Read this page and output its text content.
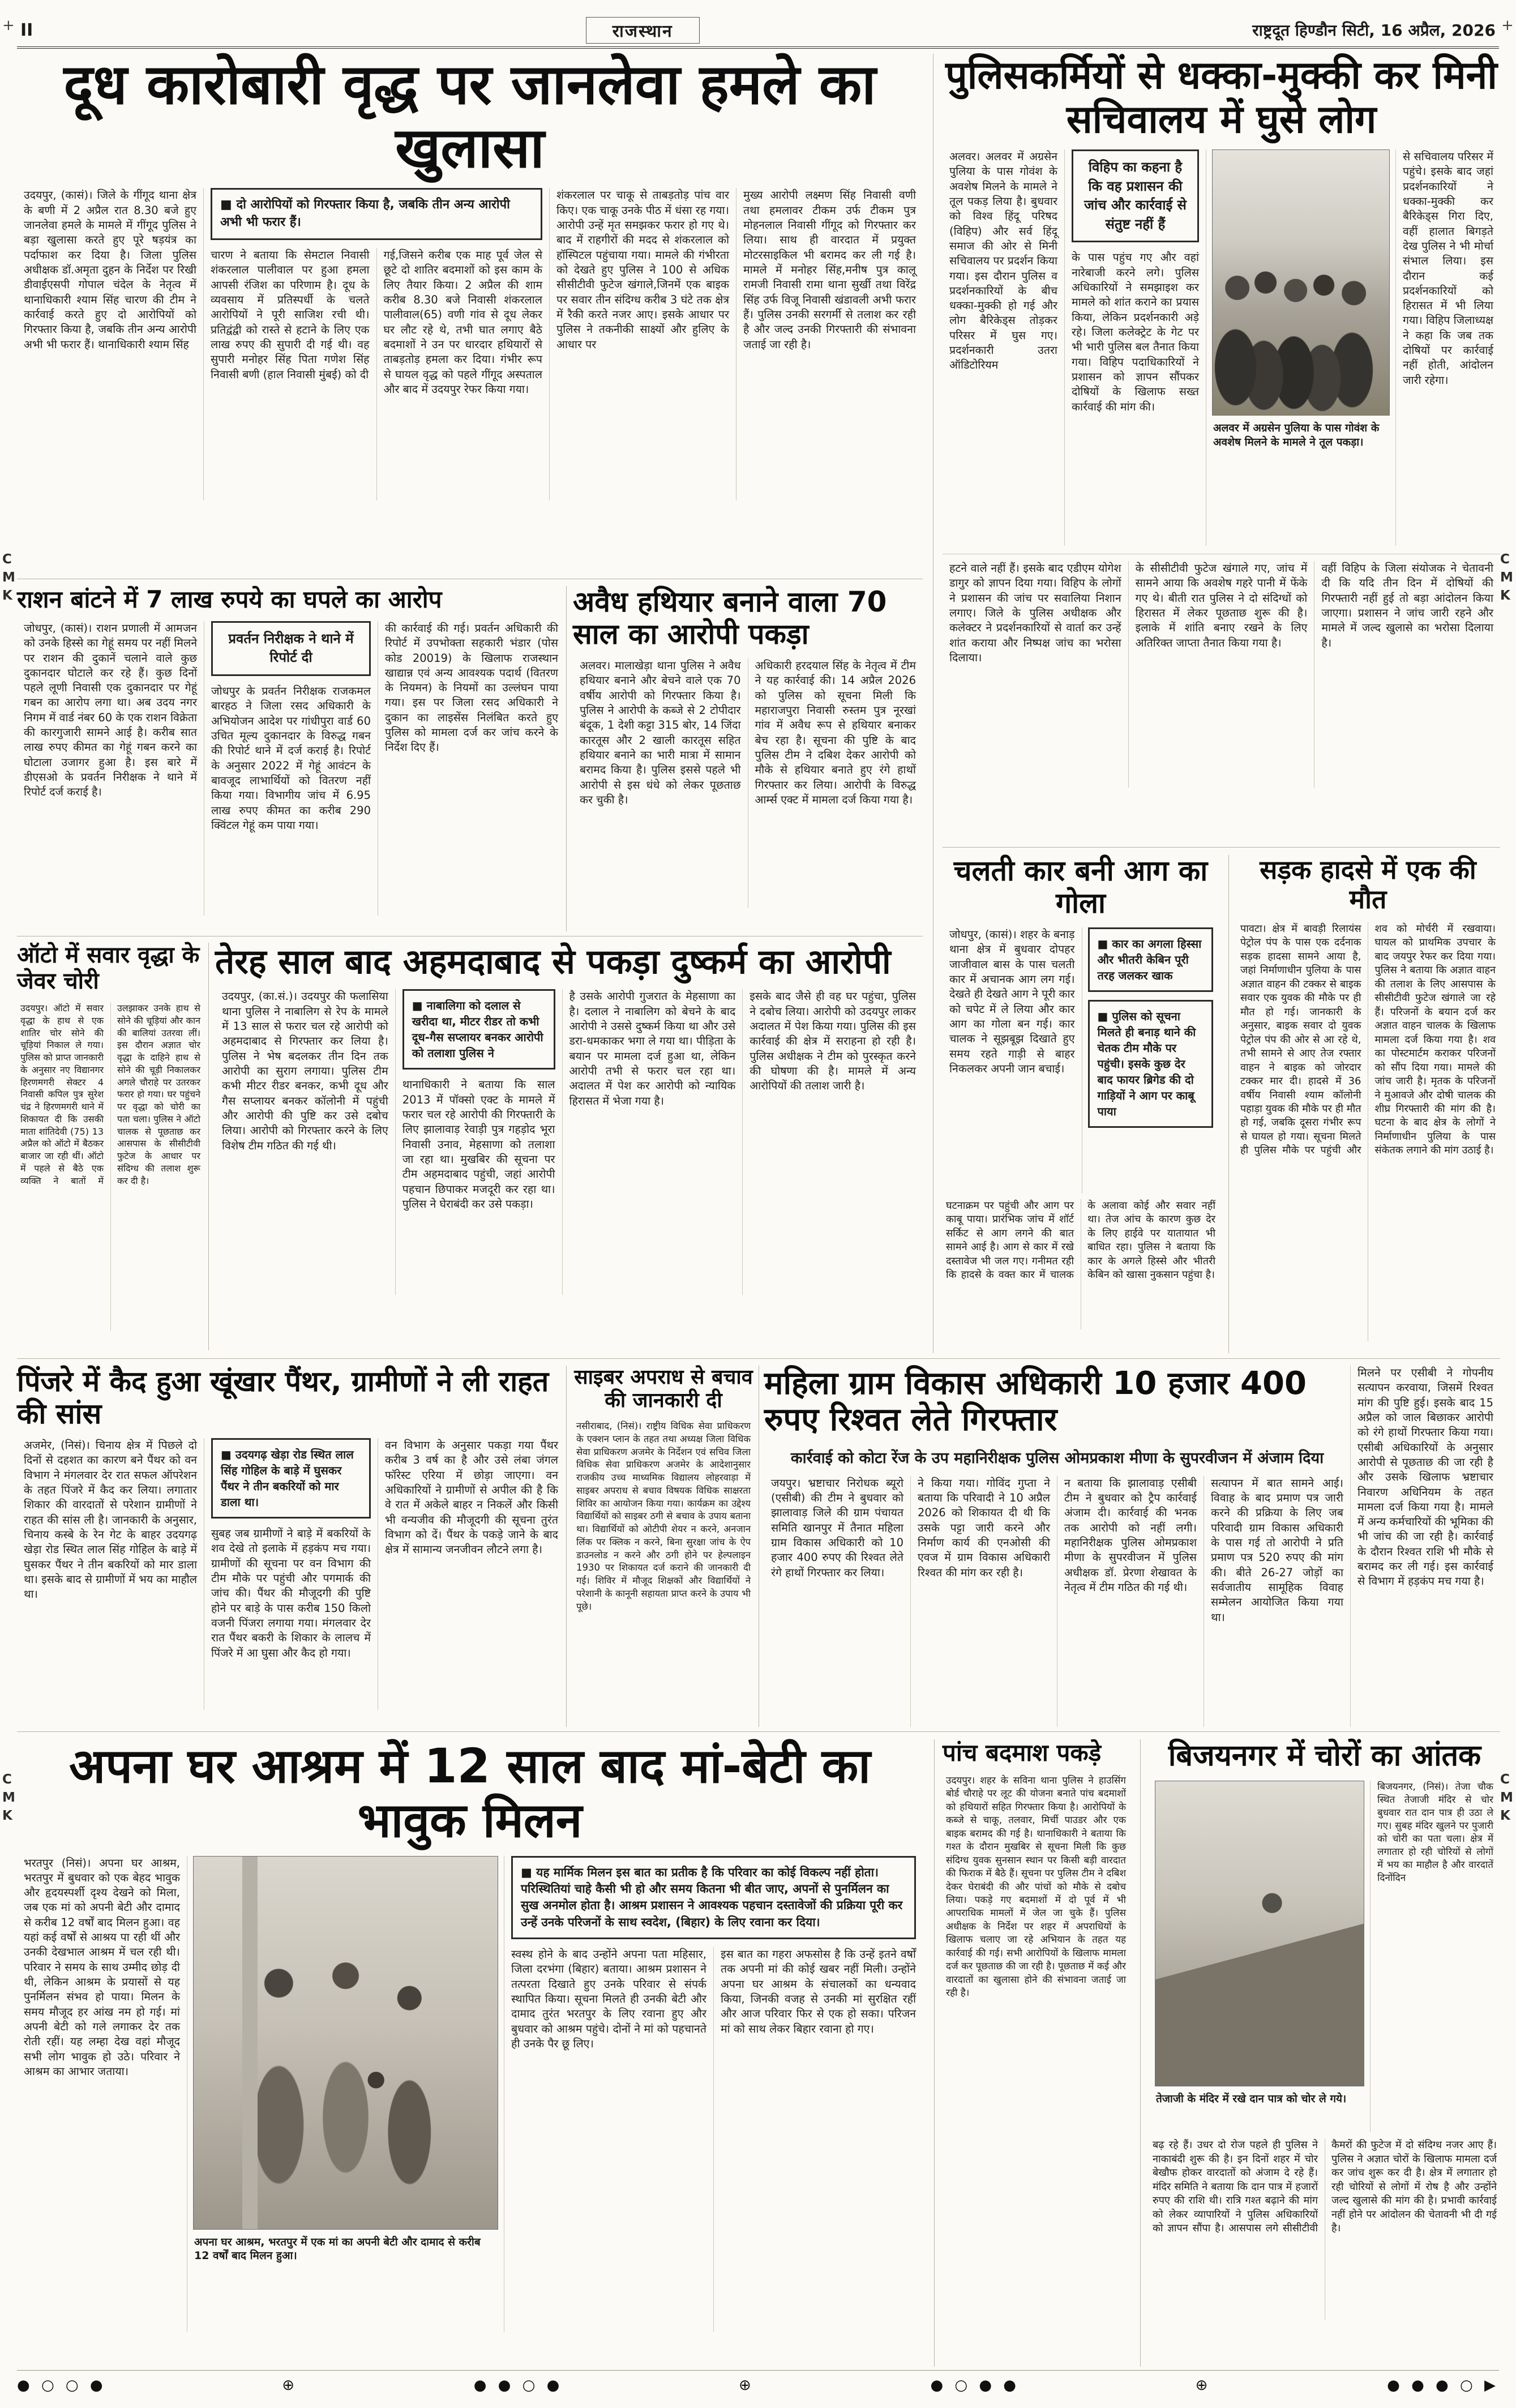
II	राजस्थान	राष्ट्रदूत हिण्डौन सिटी, 16 अप्रैल, 2026
+	+
C
M
K
C
M
K
C
M
K
C
M
K
दूध कारोबारी वृद्ध पर जानलेवा हमले का खुलासा
उदयपुर, (कासं)। जिले के गींगूद थाना क्षेत्र के बणी में 2 अप्रैल रात 8.30 बजे हुए जानलेवा हमले के मामले में गींगूद पुलिस ने बड़ा खुलासा करते हुए पूरे षड़यंत्र का पर्दाफाश कर दिया है। जिला पुलिस अधीक्षक डॉ.अमृता दुहन के निर्देश पर रिखी डीवाईएसपी गोपाल चंदेल के नेतृत्व में थानाधिकारी श्याम सिंह चारण की टीम ने कार्रवाई करते हुए दो आरोपियों को गिरफ्तार किया है, जबकि तीन अन्य आरोपी अभी भी फरार हैं। थानाधिकारी श्याम सिंह
■ दो आरोपियों को गिरफ्तार किया है, जबकि तीन अन्य आरोपी अभी भी फरार हैं।
चारण ने बताया कि सेमटाल निवासी शंकरलाल पालीवाल पर हुआ हमला आपसी रंजिश का परिणाम है। दूध के व्यवसाय में प्रतिस्पर्धी के चलते आरोपियों ने पूरी साजिश रची थी। प्रतिद्वंद्वी को रास्ते से हटाने के लिए एक लाख रुपए की सुपारी दी गई थी। वह सुपारी मनोहर सिंह पिता गणेश सिंह निवासी बणी (हाल निवासी मुंबई) को दी
गई,जिसने करीब एक माह पूर्व जेल से छूटे दो शातिर बदमाशों को इस काम के लिए तैयार किया। 2 अप्रैल की शाम करीब 8.30 बजे निवासी शंकरलाल पालीवाल(65) वणी गांव से दूध लेकर घर लौट रहे थे, तभी घात लगाए बैठे बदमाशों ने उन पर धारदार हथियारों से ताबड़तोड़ हमला कर दिया। गंभीर रूप से घायल वृद्ध को पहले गींगूद अस्पताल और बाद में उदयपुर रेफर किया गया।
शंकरलाल पर चाकू से ताबड़तोड़ पांच वार किए। एक चाकू उनके पीठ में धंसा रह गया। आरोपी उन्हें मृत समझकर फरार हो गए थे। बाद में राहगीरों की मदद से शंकरलाल को हॉस्पिटल पहुंचाया गया। मामले की गंभीरता को देखते हुए पुलिस ने 100 से अधिक सीसीटीवी फुटेज खंगाले,जिनमें एक बाइक पर सवार तीन संदिग्ध करीब 3 घंटे तक क्षेत्र में रैकी करते नजर आए। इसके आधार पर पुलिस ने तकनीकी साक्ष्यों और हुलिए के आधार पर
मुख्य आरोपी लक्ष्मण सिंह निवासी वणी तथा हमलावर टीकम उर्फ टीकम पुत्र मोहनलाल निवासी गींगूद को गिरफ्तार कर लिया। साथ ही वारदात में प्रयुक्त मोटरसाइकिल भी बरामद कर ली गई है। मामले में मनोहर सिंह,मनीष पुत्र कालू रामजी निवासी रामा थाना सुर्खी तथा विरेंद्र सिंह उर्फ विजू निवासी खंडावली अभी फरार हैं। पुलिस उनकी सरगर्मी से तलाश कर रही है और जल्द उनकी गिरफ्तारी की संभावना जताई जा रही है।
पुलिसकर्मियों से धक्का-मुक्की कर मिनी सचिवालय में घुसे लोग
अलवर। अलवर में अग्रसेन पुलिया के पास गोवंश के अवशेष मिलने के मामले ने तूल पकड़ लिया है। बुधवार को विश्व हिंदू परिषद (विहिप) और सर्व हिंदू समाज की ओर से मिनी सचिवालय पर प्रदर्शन किया गया। इस दौरान पुलिस व प्रदर्शनकारियों के बीच धक्का-मुक्की हो गई और लोग बैरिकेड्स तोड़कर परिसर में घुस गए। प्रदर्शनकारी उतरा ऑडिटोरियम
विहिप का कहना है कि वह प्रशासन की जांच और कार्रवाई से संतुष्ट नहीं हैं
के पास पहुंच गए और वहां नारेबाजी करने लगे। पुलिस अधिकारियों ने समझाइश कर मामले को शांत कराने का प्रयास किया, लेकिन प्रदर्शनकारी अड़े रहे। जिला कलेक्ट्रेट के गेट पर भी भारी पुलिस बल तैनात किया गया। विहिप पदाधिकारियों ने प्रशासन को ज्ञापन सौंपकर दोषियों के खिलाफ सख्त कार्रवाई की मांग की।
अलवर में अग्रसेन पुलिया के पास गोवंश के अवशेष मिलने के मामले ने तूल पकड़ा।
से सचिवालय परिसर में पहुंचे। इसके बाद जहां प्रदर्शनकारियों ने धक्का-मुक्की कर बैरिकेड्स गिरा दिए, वहीं हालात बिगड़ते देख पुलिस ने भी मोर्चा संभाल लिया। इस दौरान कई प्रदर्शनकारियों को हिरासत में भी लिया गया। विहिप जिलाध्यक्ष ने कहा कि जब तक दोषियों पर कार्रवाई नहीं होती, आंदोलन जारी रहेगा।
हटने वाले नहीं हैं। इसके बाद एडीएम योगेश डागुर को ज्ञापन दिया गया। विहिप के लोगों ने प्रशासन की जांच पर सवालिया निशान लगाए। जिले के पुलिस अधीक्षक और कलेक्टर ने प्रदर्शनकारियों से वार्ता कर उन्हें शांत कराया और निष्पक्ष जांच का भरोसा दिलाया।
के सीसीटीवी फुटेज खंगाले गए, जांच में सामने आया कि अवशेष गहरे पानी में फेंके गए थे। बीती रात पुलिस ने दो संदिग्धों को हिरासत में लेकर पूछताछ शुरू की है। इलाके में शांति बनाए रखने के लिए अतिरिक्त जाप्ता तैनात किया गया है।
वहीं विहिप के जिला संयोजक ने चेतावनी दी कि यदि तीन दिन में दोषियों की गिरफ्तारी नहीं हुई तो बड़ा आंदोलन किया जाएगा। प्रशासन ने जांच जारी रहने और मामले में जल्द खुलासे का भरोसा दिलाया है।
राशन बांटने में 7 लाख रुपये का घपले का आरोप
जोधपुर, (कासं)। राशन प्रणाली में आमजन को उनके हिस्से का गेहूं समय पर नहीं मिलने पर राशन की दुकानें चलाने वाले कुछ दुकानदार घोटाले कर रहे हैं। कुछ दिनों पहले लूणी निवासी एक दुकानदार पर गेहूं गबन का आरोप लगा था। अब उदय नगर निगम में वार्ड नंबर 60 के एक राशन विक्रेता की कारगुजारी सामने आई है। करीब सात लाख रुपए कीमत का गेहूं गबन करने का घोटाला उजागर हुआ है। इस बारे में डीएसओ के प्रवर्तन निरीक्षक ने थाने में रिपोर्ट दर्ज कराई है।
प्रवर्तन निरीक्षक ने थाने में रिपोर्ट दी
जोधपुर के प्रवर्तन निरीक्षक राजकमल बारहठ ने जिला रसद अधिकारी के अभियोजन आदेश पर गांधीपुरा वार्ड 60 उचित मूल्य दुकानदार के विरुद्ध गबन की रिपोर्ट थाने में दर्ज कराई है। रिपोर्ट के अनुसार 2022 में गेहूं आवंटन के बावजूद लाभार्थियों को वितरण नहीं किया गया। विभागीय जांच में 6.95 लाख रुपए कीमत का करीब 290 क्विंटल गेहूं कम पाया गया।
की कार्रवाई की गई। प्रवर्तन अधिकारी की रिपोर्ट में उपभोक्ता सहकारी भंडार (पोस कोड 20019) के खिलाफ राजस्थान खाद्यान्न एवं अन्य आवश्यक पदार्थ (वितरण के नियमन) के नियमों का उल्लंघन पाया गया। इस पर जिला रसद अधिकारी ने दुकान का लाइसेंस निलंबित करते हुए पुलिस को मामला दर्ज कर जांच करने के निर्देश दिए हैं।
अवैध हथियार बनाने वाला 70 साल का आरोपी पकड़ा
अलवर। मालाखेड़ा थाना पुलिस ने अवैध हथियार बनाने और बेचने वाले एक 70 वर्षीय आरोपी को गिरफ्तार किया है। पुलिस ने आरोपी के कब्जे से 2 टोपीदार बंदूक, 1 देशी कट्टा 315 बोर, 14 जिंदा कारतूस और 2 खाली कारतूस सहित हथियार बनाने का भारी मात्रा में सामान बरामद किया है। पुलिस इससे पहले भी आरोपी से इस धंधे को लेकर पूछताछ कर चुकी है।
अधिकारी हरदयाल सिंह के नेतृत्व में टीम ने यह कार्रवाई की। 14 अप्रैल 2026 को पुलिस को सूचना मिली कि महाराजपुरा निवासी रुस्तम पुत्र नूरखां गांव में अवैध रूप से हथियार बनाकर बेच रहा है। सूचना की पुष्टि के बाद पुलिस टीम ने दबिश देकर आरोपी को मौके से हथियार बनाते हुए रंगे हाथों गिरफ्तार कर लिया। आरोपी के विरुद्ध आर्म्स एक्ट में मामला दर्ज किया गया है।
चलती कार बनी आग का गोला
जोधपुर, (कासं)। शहर के बनाड़ थाना क्षेत्र में बुधवार दोपहर जाजीवाल बास के पास चलती कार में अचानक आग लग गई। देखते ही देखते आग ने पूरी कार को चपेट में ले लिया और कार आग का गोला बन गई। कार चालक ने सूझबूझ दिखाते हुए समय रहते गाड़ी से बाहर निकलकर अपनी जान बचाई।
■ कार का अगला हिस्सा और भीतरी केबिन पूरी तरह जलकर खाक
■ पुलिस को सूचना मिलते ही बनाड़ थाने की चेतक टीम मौके पर पहुंची। इसके कुछ देर बाद फायर ब्रिगेड की दो गाड़ियों ने आग पर काबू पाया
घटनाक्रम पर पहुंची और आग पर काबू पाया। प्रारंभिक जांच में शॉर्ट सर्किट से आग लगने की बात सामने आई है। आग से कार में रखे दस्तावेज भी जल गए। गनीमत रही कि हादसे के वक्त कार में चालक के अलावा कोई और सवार नहीं था। तेज आंच के कारण कुछ देर के लिए हाईवे पर यातायात भी बाधित रहा। पुलिस ने बताया कि कार के अगले हिस्से और भीतरी केबिन को खासा नुकसान पहुंचा है।
सड़क हादसे में एक की मौत
पावटा। क्षेत्र में बावड़ी रिलायंस पेट्रोल पंप के पास एक दर्दनाक सड़क हादसा सामने आया है, जहां निर्माणाधीन पुलिया के पास अज्ञात वाहन की टक्कर से बाइक सवार एक युवक की मौके पर ही मौत हो गई। जानकारी के अनुसार, बाइक सवार दो युवक पेट्रोल पंप की ओर से आ रहे थे, तभी सामने से आए तेज रफ्तार वाहन ने बाइक को जोरदार टक्कर मार दी। हादसे में 36 वर्षीय निवासी श्याम कॉलोनी पहाड़ा युवक की मौके पर ही मौत हो गई, जबकि दूसरा गंभीर रूप से घायल हो गया। सूचना मिलते ही पुलिस मौके पर पहुंची और शव को मोर्चरी में रखवाया। घायल को प्राथमिक उपचार के बाद जयपुर रेफर कर दिया गया। पुलिस ने बताया कि अज्ञात वाहन की तलाश के लिए आसपास के सीसीटीवी फुटेज खंगाले जा रहे हैं। परिजनों के बयान दर्ज कर अज्ञात वाहन चालक के खिलाफ मामला दर्ज किया गया है। शव का पोस्टमार्टम कराकर परिजनों को सौंप दिया गया। मामले की जांच जारी है। मृतक के परिजनों ने मुआवजे और दोषी चालक की शीघ्र गिरफ्तारी की मांग की है। घटना के बाद क्षेत्र के लोगों ने निर्माणाधीन पुलिया के पास संकेतक लगाने की मांग उठाई है।
ऑटो में सवार वृद्धा के जेवर चोरी
उदयपुर। ऑटो में सवार वृद्धा के हाथ से एक शातिर चोर सोने की चूड़ियां निकाल ले गया। पुलिस को प्राप्त जानकारी के अनुसार नए विद्यानगर हिरणमगरी सेक्टर 4 निवासी कपिल पुत्र सुरेश चंद्र ने हिरणमगरी थाने में शिकायत दी कि उसकी माता शांतिदेवी (75) 13 अप्रैल को ऑटो में बैठकर बाजार जा रही थीं। ऑटो में पहले से बैठे एक व्यक्ति ने बातों में उलझाकर उनके हाथ से सोने की चूड़ियां और कान की बालियां उतरवा लीं। इस दौरान अज्ञात चोर वृद्धा के दाहिने हाथ से सोने की चूड़ी निकालकर अगले चौराहे पर उतरकर फरार हो गया। घर पहुंचने पर वृद्धा को चोरी का पता चला। पुलिस ने ऑटो चालक से पूछताछ कर आसपास के सीसीटीवी फुटेज के आधार पर संदिग्ध की तलाश शुरू कर दी है।
तेरह साल बाद अहमदाबाद से पकड़ा दुष्कर्म का आरोपी
उदयपुर, (का.सं.)। उदयपुर की फलासिया थाना पुलिस ने नाबालिग से रेप के मामले में 13 साल से फरार चल रहे आरोपी को अहमदाबाद से गिरफ्तार कर लिया है। पुलिस ने भेष बदलकर तीन दिन तक आरोपी का सुराग लगाया। पुलिस टीम कभी मीटर रीडर बनकर, कभी दूध और गैस सप्लायर बनकर कॉलोनी में पहुंची और आरोपी की पुष्टि कर उसे दबोच लिया। आरोपी को गिरफ्तार करने के लिए विशेष टीम गठित की गई थी।
■ नाबालिगा को दलाल से खरीदा था, मीटर रीडर तो कभी दूध-गैस सप्लायर बनकर आरोपी को तलाशा पुलिस ने
थानाधिकारी ने बताया कि साल 2013 में पॉक्सो एक्ट के मामले में फरार चल रहे आरोपी की गिरफ्तारी के लिए झालावाड़ रेवाड़ी पुत्र गहड़ोद भूरा निवासी उनाव, मेहसाणा को तलाशा जा रहा था। मुखबिर की सूचना पर टीम अहमदाबाद पहुंची, जहां आरोपी पहचान छिपाकर मजदूरी कर रहा था। पुलिस ने घेराबंदी कर उसे पकड़ा।
है उसके आरोपी गुजरात के मेहसाणा का है। दलाल ने नाबालिग को बेचने के बाद आरोपी ने उससे दुष्कर्म किया था और उसे डरा-धमकाकर भगा ले गया था। पीड़िता के बयान पर मामला दर्ज हुआ था, लेकिन आरोपी तभी से फरार चल रहा था। अदालत में पेश कर आरोपी को न्यायिक हिरासत में भेजा गया है।
इसके बाद जैसे ही वह घर पहुंचा, पुलिस ने दबोच लिया। आरोपी को उदयपुर लाकर अदालत में पेश किया गया। पुलिस की इस कार्रवाई की क्षेत्र में सराहना हो रही है। पुलिस अधीक्षक ने टीम को पुरस्कृत करने की घोषणा की है। मामले में अन्य आरोपियों की तलाश जारी है।
पिंजरे में कैद हुआ खूंखार पैंथर, ग्रामीणों ने ली राहत की सांस
अजमेर, (निसं)। चिनाय क्षेत्र में पिछले दो दिनों से दहशत का कारण बने पैंथर को वन विभाग ने मंगलवार देर रात सफल ऑपरेशन के तहत पिंजरे में कैद कर लिया। लगातार शिकार की वारदातों से परेशान ग्रामीणों ने राहत की सांस ली है। जानकारी के अनुसार, चिनाय कस्बे के रेन गेट के बाहर उदयगढ़ खेड़ा रोड स्थित लाल सिंह गोहिल के बाड़े में घुसकर पैंथर ने तीन बकरियों को मार डाला था। इसके बाद से ग्रामीणों में भय का माहौल था।
■ उदयगढ़ खेड़ा रोड स्थित लाल सिंह गोहिल के बाड़े में घुसकर पैंथर ने तीन बकरियों को मार डाला था।
सुबह जब ग्रामीणों ने बाड़े में बकरियों के शव देखे तो इलाके में हड़कंप मच गया। ग्रामीणों की सूचना पर वन विभाग की टीम मौके पर पहुंची और पगमार्क की जांच की। पैंथर की मौजूदगी की पुष्टि होने पर बाड़े के पास करीब 150 किलो वजनी पिंजरा लगाया गया। मंगलवार देर रात पैंथर बकरी के शिकार के लालच में पिंजरे में आ घुसा और कैद हो गया।
वन विभाग के अनुसार पकड़ा गया पैंथर करीब 3 वर्ष का है और उसे लंबा जंगल फॉरेस्ट एरिया में छोड़ा जाएगा। वन अधिकारियों ने ग्रामीणों से अपील की है कि वे रात में अकेले बाहर न निकलें और किसी भी वन्यजीव की मौजूदगी की सूचना तुरंत विभाग को दें। पैंथर के पकड़े जाने के बाद क्षेत्र में सामान्य जनजीवन लौटने लगा है।
साइबर अपराध से बचाव की जानकारी दी
नसीराबाद, (निसं)। राष्ट्रीय विधिक सेवा प्राधिकरण के एक्शन प्लान के तहत तथा अध्यक्ष जिला विधिक सेवा प्राधिकरण अजमेर के निर्देशन एवं सचिव जिला विधिक सेवा प्राधिकरण अजमेर के आदेशानुसार राजकीय उच्च माध्यमिक विद्यालय लोहरवाड़ा में साइबर अपराध से बचाव विषयक विधिक साक्षरता शिविर का आयोजन किया गया। कार्यक्रम का उद्देश्य विद्यार्थियों को साइबर ठगी से बचाव के उपाय बताना था। विद्यार्थियों को ओटीपी शेयर न करने, अनजान लिंक पर क्लिक न करने, बिना सुरक्षा जांच के ऐप डाउनलोड न करने और ठगी होने पर हेल्पलाइन 1930 पर शिकायत दर्ज कराने की जानकारी दी गई। शिविर में मौजूद शिक्षकों और विद्यार्थियों ने परेशानी के कानूनी सहायता प्राप्त करने के उपाय भी पूछे।
महिला ग्राम विकास अधिकारी 10 हजार 400 रुपए रिश्वत लेते गिरफ्तार
कार्रवाई को कोटा रेंज के उप महानिरीक्षक पुलिस ओमप्रकाश मीणा के सुपरवीजन में अंजाम दिया
जयपुर। भ्रष्टाचार निरोधक ब्यूरो (एसीबी) की टीम ने बुधवार को झालावाड़ जिले की ग्राम पंचायत समिति खानपुर में तैनात महिला ग्राम विकास अधिकारी को 10 हजार 400 रुपए की रिश्वत लेते रंगे हाथों गिरफ्तार कर लिया।
ने किया गया। गोविंद गुप्ता ने बताया कि परिवादी ने 10 अप्रैल 2026 को शिकायत दी थी कि उसके पट्टा जारी करने और निर्माण कार्य की एनओसी की एवज में ग्राम विकास अधिकारी रिश्वत की मांग कर रही है।
न बताया कि झालावाड़ एसीबी टीम ने बुधवार को ट्रैप कार्रवाई अंजाम दी। कार्रवाई की भनक तक आरोपी को नहीं लगी। महानिरीक्षक पुलिस ओमप्रकाश मीणा के सुपरवीजन में पुलिस अधीक्षक डॉ. प्रेरणा शेखावत के नेतृत्व में टीम गठित की गई थी।
सत्यापन में बात सामने आई। विवाह के बाद प्रमाण पत्र जारी करने की प्रक्रिया के लिए जब परिवादी ग्राम विकास अधिकारी के पास गई तो आरोपी ने प्रति प्रमाण पत्र 520 रुपए की मांग की। बीते 26-27 जोड़ों का सर्वजातीय सामूहिक विवाह सम्मेलन आयोजित किया गया था।
मिलने पर एसीबी ने गोपनीय सत्यापन करवाया, जिसमें रिश्वत मांग की पुष्टि हुई। इसके बाद 15 अप्रैल को जाल बिछाकर आरोपी को रंगे हाथों गिरफ्तार किया गया। एसीबी अधिकारियों के अनुसार आरोपी से पूछताछ की जा रही है और उसके खिलाफ भ्रष्टाचार निवारण अधिनियम के तहत मामला दर्ज किया गया है। मामले में अन्य कर्मचारियों की भूमिका की भी जांच की जा रही है। कार्रवाई के दौरान रिश्वत राशि भी मौके से बरामद कर ली गई। इस कार्रवाई से विभाग में हड़कंप मच गया है।
अपना घर आश्रम में 12 साल बाद मां-बेटी का भावुक मिलन
भरतपुर (निसं)। अपना घर आश्रम, भरतपुर में बुधवार को एक बेहद भावुक और हृदयस्पर्शी दृश्य देखने को मिला, जब एक मां को अपनी बेटी और दामाद से करीब 12 वर्षों बाद मिलन हुआ। वह यहां कई वर्षों से आश्रय पा रही थीं और उनकी देखभाल आश्रम में चल रही थी। परिवार ने समय के साथ उम्मीद छोड़ दी थी, लेकिन आश्रम के प्रयासों से यह पुनर्मिलन संभव हो पाया। मिलन के समय मौजूद हर आंख नम हो गई। मां अपनी बेटी को गले लगाकर देर तक रोती रहीं। यह लम्हा देख वहां मौजूद सभी लोग भावुक हो उठे। परिवार ने आश्रम का आभार जताया।
अपना घर आश्रम, भरतपुर में एक मां का अपनी बेटी और दामाद से करीब 12 वर्षों बाद मिलन हुआ।
■ यह मार्मिक मिलन इस बात का प्रतीक है कि परिवार का कोई विकल्प नहीं होता। परिस्थितियां चाहे कैसी भी हो और समय कितना भी बीत जाए, अपनों से पुनर्मिलन का सुख अनमोल होता है। आश्रम प्रशासन ने आवश्यक पहचान दस्तावेजों की प्रक्रिया पूरी कर उन्हें उनके परिजनों के साथ स्वदेश, (बिहार) के लिए रवाना कर दिया।
स्वस्थ होने के बाद उन्होंने अपना पता महिसार, जिला दरभंगा (बिहार) बताया। आश्रम प्रशासन ने तत्परता दिखाते हुए उनके परिवार से संपर्क स्थापित किया। सूचना मिलते ही उनकी बेटी और दामाद तुरंत भरतपुर के लिए रवाना हुए और बुधवार को आश्रम पहुंचे। दोनों ने मां को पहचानते ही उनके पैर छू लिए।
इस बात का गहरा अफसोस है कि उन्हें इतने वर्षों तक अपनी मां की कोई खबर नहीं मिली। उन्होंने अपना घर आश्रम के संचालकों का धन्यवाद किया, जिनकी वजह से उनकी मां सुरक्षित रहीं और आज परिवार फिर से एक हो सका। परिजन मां को साथ लेकर बिहार रवाना हो गए।
पांच बदमाश पकड़े
उदयपुर। शहर के सविना थाना पुलिस ने हाउसिंग बोर्ड चौराहे पर लूट की योजना बनाते पांच बदमाशों को हथियारों सहित गिरफ्तार किया है। आरोपियों के कब्जे से चाकू, तलवार, मिर्ची पाउडर और एक बाइक बरामद की गई है। थानाधिकारी ने बताया कि गश्त के दौरान मुखबिर से सूचना मिली कि कुछ संदिग्ध युवक सुनसान स्थान पर किसी बड़ी वारदात की फिराक में बैठे हैं। सूचना पर पुलिस टीम ने दबिश देकर घेराबंदी की और पांचों को मौके से दबोच लिया। पकड़े गए बदमाशों में दो पूर्व में भी आपराधिक मामलों में जेल जा चुके हैं। पुलिस अधीक्षक के निर्देश पर शहर में अपराधियों के खिलाफ चलाए जा रहे अभियान के तहत यह कार्रवाई की गई। सभी आरोपियों के खिलाफ मामला दर्ज कर पूछताछ की जा रही है। पूछताछ में कई और वारदातों का खुलासा होने की संभावना जताई जा रही है।
बिजयनगर में चोरों का आंतक
तेजाजी के मंदिर में रखे दान पात्र को चोर ले गये।
बिजयनगर, (निसं)। तेजा चौक स्थित तेजाजी मंदिर से चोर बुधवार रात दान पात्र ही उठा ले गए। सुबह मंदिर खुलने पर पुजारी को चोरी का पता चला। क्षेत्र में लगातार हो रही चोरियों से लोगों में भय का माहौल है और वारदातें दिनोंदिन
बढ़ रहे हैं। उधर दो रोज पहले ही पुलिस ने नाकाबंदी शुरू की है। इन दिनों शहर में चोर बेखौफ होकर वारदातों को अंजाम दे रहे हैं। मंदिर समिति ने बताया कि दान पात्र में हजारों रुपए की राशि थी। रात्रि गश्त बढ़ाने की मांग को लेकर व्यापारियों ने पुलिस अधिकारियों को ज्ञापन सौंपा है। आसपास लगे सीसीटीवी कैमरों की फुटेज में दो संदिग्ध नजर आए हैं। पुलिस ने अज्ञात चोरों के खिलाफ मामला दर्ज कर जांच शुरू कर दी है। क्षेत्र में लगातार हो रही चोरियों से लोगों में रोष है और उन्होंने जल्द खुलासे की मांग की है। प्रभावी कार्रवाई नहीं होने पर आंदोलन की चेतावनी भी दी गई है।
● ○ ○ ●	⊕	● ● ○ ●	⊕	● ○ ● ●	⊕	● ● ● ○ ▶
